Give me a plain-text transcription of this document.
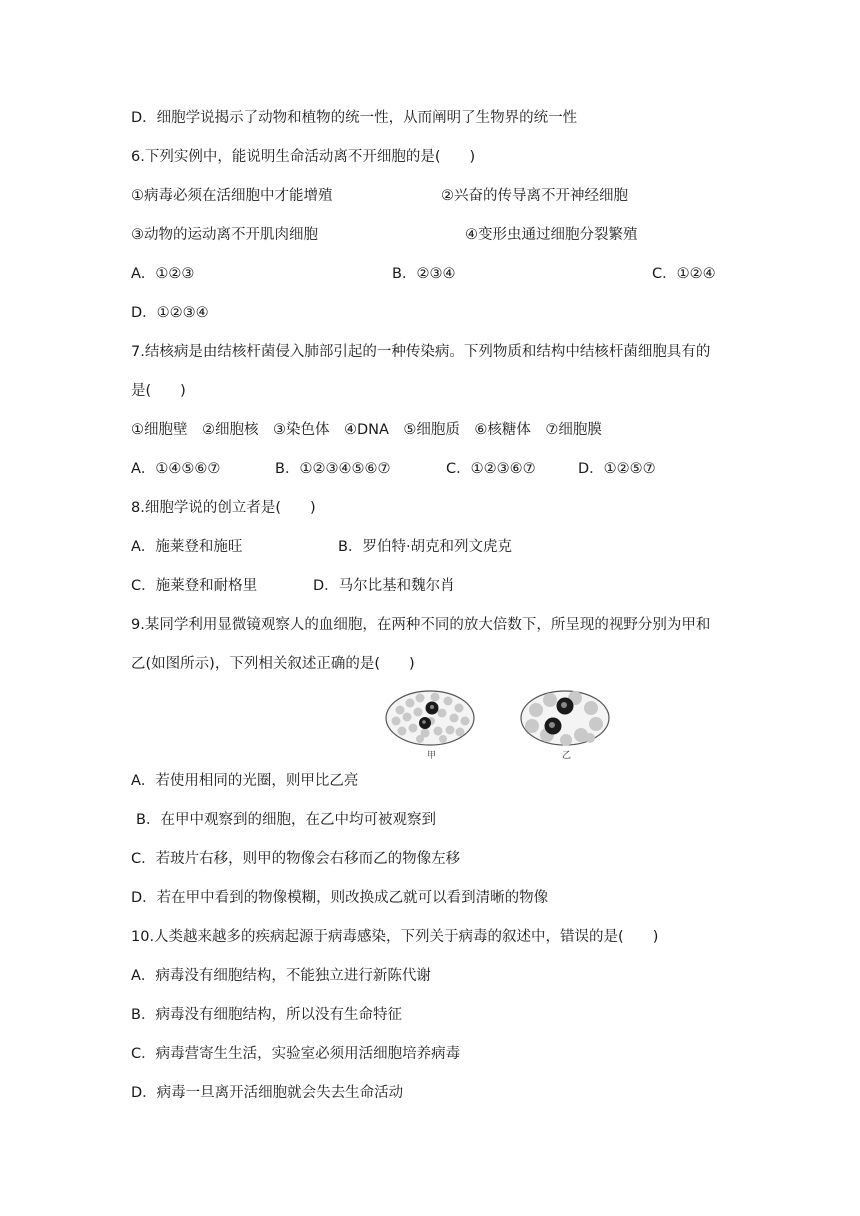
D．细胞学说揭示了动物和植物的统一性，从而阐明了生物界的统一性
6.下列实例中，能说明生命活动离不开细胞的是(　　)
①病毒必须在活细胞中才能增殖	②兴奋的传导离不开神经细胞
③动物的运动离不开肌肉细胞	④变形虫通过细胞分裂繁殖
A．①②③	B．②③④	C．①②④
D．①②③④
7.结核病是由结核杆菌侵入肺部引起的一种传染病。下列物质和结构中结核杆菌细胞具有的
是(　　)
①细胞壁　②细胞核　③染色体　④DNA　⑤细胞质　⑥核糖体　⑦细胞膜
A．①④⑤⑥⑦	B．①②③④⑤⑥⑦	C．①②③⑥⑦	D．①②⑤⑦
8.细胞学说的创立者是(　　)
A．施莱登和施旺	B．罗伯特·胡克和列文虎克
C．施莱登和耐格里	D．马尔比基和魏尔肖
9.某同学利用显微镜观察人的血细胞，在两种不同的放大倍数下，所呈现的视野分别为甲和
乙(如图所示)，下列相关叙述正确的是(　　)
甲	乙
A．若使用相同的光圈，则甲比乙亮
B．在甲中观察到的细胞，在乙中均可被观察到
C．若玻片右移，则甲的物像会右移而乙的物像左移
D．若在甲中看到的物像模糊，则改换成乙就可以看到清晰的物像
10.人类越来越多的疾病起源于病毒感染，下列关于病毒的叙述中，错误的是(　　)
A．病毒没有细胞结构，不能独立进行新陈代谢
B．病毒没有细胞结构，所以没有生命特征
C．病毒营寄生生活，实验室必须用活细胞培养病毒
D．病毒一旦离开活细胞就会失去生命活动
